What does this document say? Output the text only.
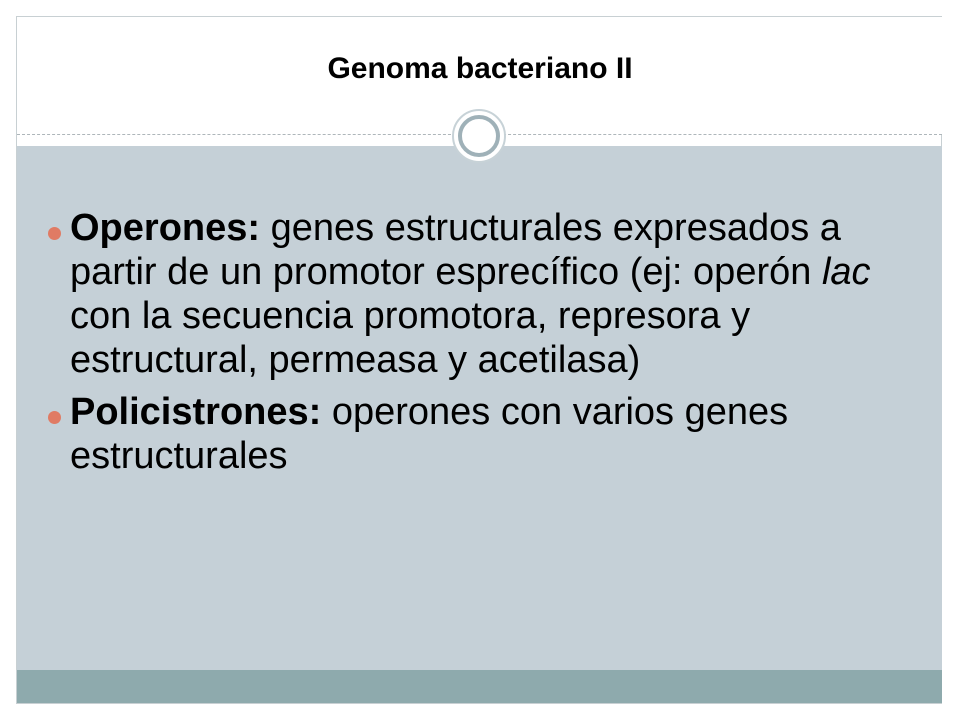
Genoma bacteriano II
Operones: genes estructurales expresados a partir de un promotor esprecífico (ej: operón lac con la secuencia promotora, represora y estructural, permeasa y acetilasa)
Policistrones: operones con varios genes estructurales
